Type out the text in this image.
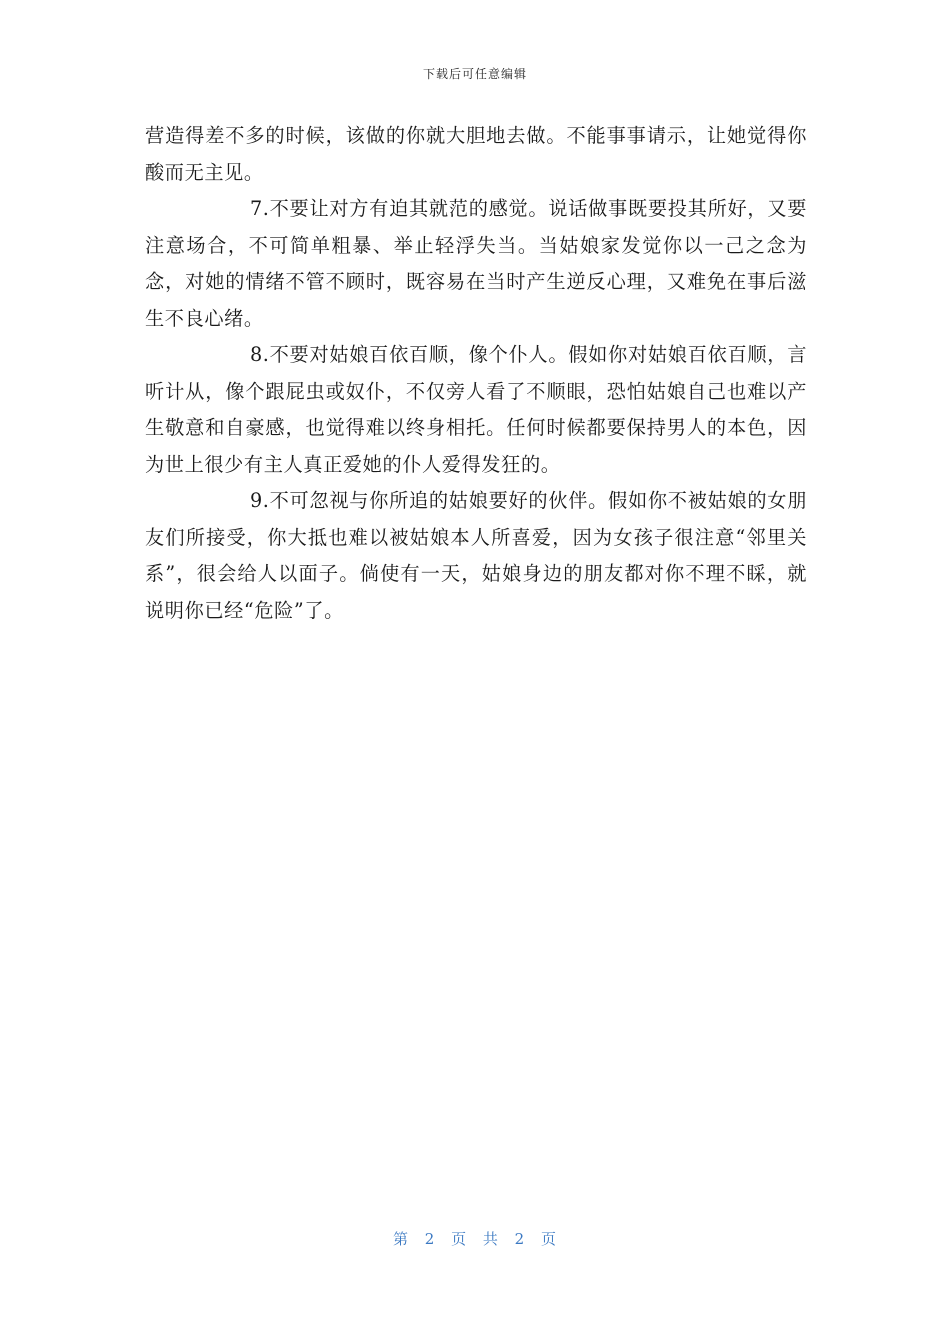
下载后可任意编辑

营造得差不多的时候，该做的你就大胆地去做。不能事事请示，让她觉得你酸而无主见。

7.不要让对方有迫其就范的感觉。说话做事既要投其所好，又要注意场合，不可简单粗暴、举止轻浮失当。当姑娘家发觉你以一己之念为念，对她的情绪不管不顾时，既容易在当时产生逆反心理，又难免在事后滋生不良心绪。

8.不要对姑娘百依百顺，像个仆人。假如你对姑娘百依百顺，言听计从，像个跟屁虫或奴仆，不仅旁人看了不顺眼，恐怕姑娘自己也难以产生敬意和自豪感，也觉得难以终身相托。任何时候都要保持男人的本色，因为世上很少有主人真正爱她的仆人爱得发狂的。

9.不可忽视与你所追的姑娘要好的伙伴。假如你不被姑娘的女朋友们所接受，你大抵也难以被姑娘本人所喜爱，因为女孩子很注意“邻里关系”，很会给人以面子。倘使有一天，姑娘身边的朋友都对你不理不睬，就说明你已经“危险”了。

第 2 页 共 2 页
